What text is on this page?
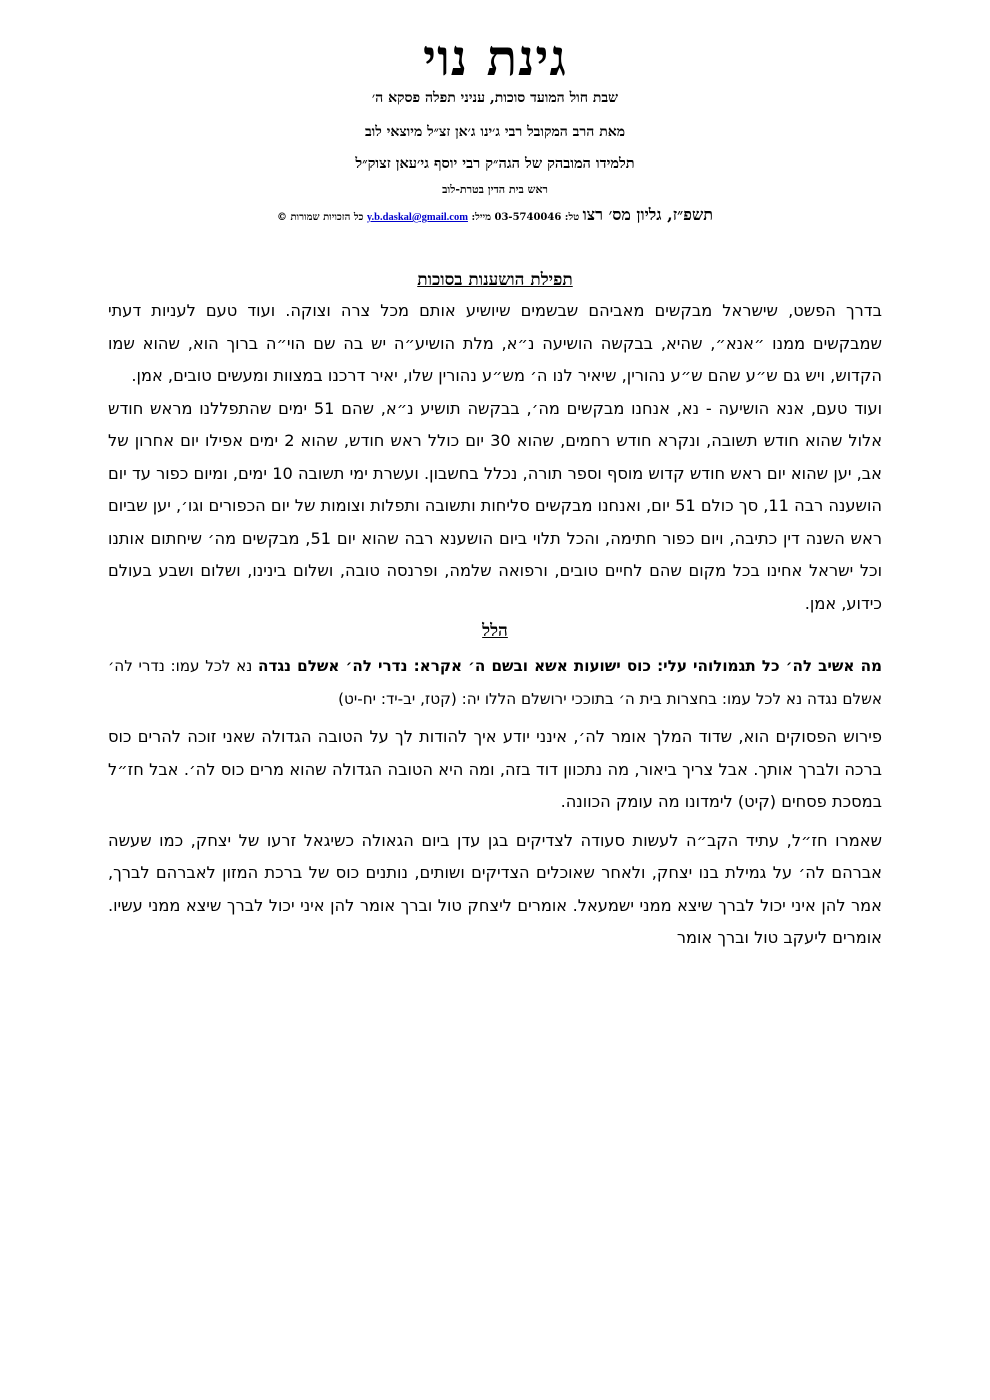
גינת נוי

שבת חול המועד סוכות, עניני תפלה פסקא ה׳

מאת הרב המקובל רבי ג׳ינו ג׳אן זצ״ל מיוצאי לוב

תלמידו המובהק של הגה״ק רבי יוסף גי׳עאן זצוק״ל

ראש בית הדין בטרת-לוב

תשפ״ז, גליון מס׳ רצו טל: 03-5740046 מייל: y.b.daskal@gmail.com כל הזכויות שמורות ©
תפילת הושענות בסוכות

בדרך הפשט, שישראל מבקשים מאביהם שבשמים שיושיע אותם מכל צרה וצוקה. ועוד טעם לעניות דעתי שמבקשים ממנו ״אנא״, שהיא, בבקשה הושיעה נ״א, מלת הושיע״ה יש בה שם הוי״ה ברוך הוא, שהוא שמו הקדוש, ויש גם ש״ע שהם ש״ע נהורין, שיאיר לנו ה׳ מש״ע נהורין שלו, יאיר דרכנו במצוות ומעשים טובים, אמן.

ועוד טעם, אנא הושיעה - נא, אנחנו מבקשים מה׳, בבקשה תושיע נ״א, שהם 51 ימים שהתפללנו מראש חודש אלול שהוא חודש תשובה, ונקרא חודש רחמים, שהוא 30 יום כולל ראש חודש, שהוא 2 ימים אפילו יום אחרון של אב, יען שהוא יום ראש חודש קדוש מוסף וספר תורה, נכלל בחשבון. ועשרת ימי תשובה 10 ימים, ומיום כפור עד יום הושענה רבה 11, סך כולם 51 יום, ואנחנו מבקשים סליחות ותשובה ותפלות וצומות של יום הכפורים וגו׳, יען שביום ראש השנה דין כתיבה, ויום כפור חתימה, והכל תלוי ביום הושענא רבה שהוא יום 51, מבקשים מה׳ שיחתום אותנו וכל ישראל אחינו בכל מקום שהם לחיים טובים, ורפואה שלמה, ופרנסה טובה, ושלום בינינו, ושלום ושבע בעולם כידוע, אמן.

הלל

מה אשיב לה׳ כל תגמולוהי עלי: כוס ישועות אשא ובשם ה׳ אקרא: נדרי לה׳ אשלם נגדה נא לכל עמו: נדרי לה׳ אשלם נגדה נא לכל עמו: בחצרות בית ה׳ בתוככי ירושלם הללו יה: (קטז, יב-יד: יח-יט)

פירוש הפסוקים הוא, שדוד המלך אומר לה׳, אינני יודע איך להודות לך על הטובה הגדולה שאני זוכה להרים כוס ברכה ולברך אותך. אבל צריך ביאור, מה נתכוון דוד בזה, ומה היא הטובה הגדולה שהוא מרים כוס לה׳. אבל חז״ל במסכת פסחים (קיט) לימדונו מה עומק הכוונה.

שאמרו חז״ל, עתיד הקב״ה לעשות סעודה לצדיקים בגן עדן ביום הגאולה כשיגאל זרעו של יצחק, כמו שעשה אברהם לה׳ על גמילת בנו יצחק, ולאחר שאוכלים הצדיקים ושותים, נותנים כוס של ברכת המזון לאברהם לברך, אמר להן איני יכול לברך שיצא ממני ישמעאל. אומרים ליצחק טול וברך אומר להן איני יכול לברך שיצא ממני עשיו. אומרים ליעקב טול וברך אומר
